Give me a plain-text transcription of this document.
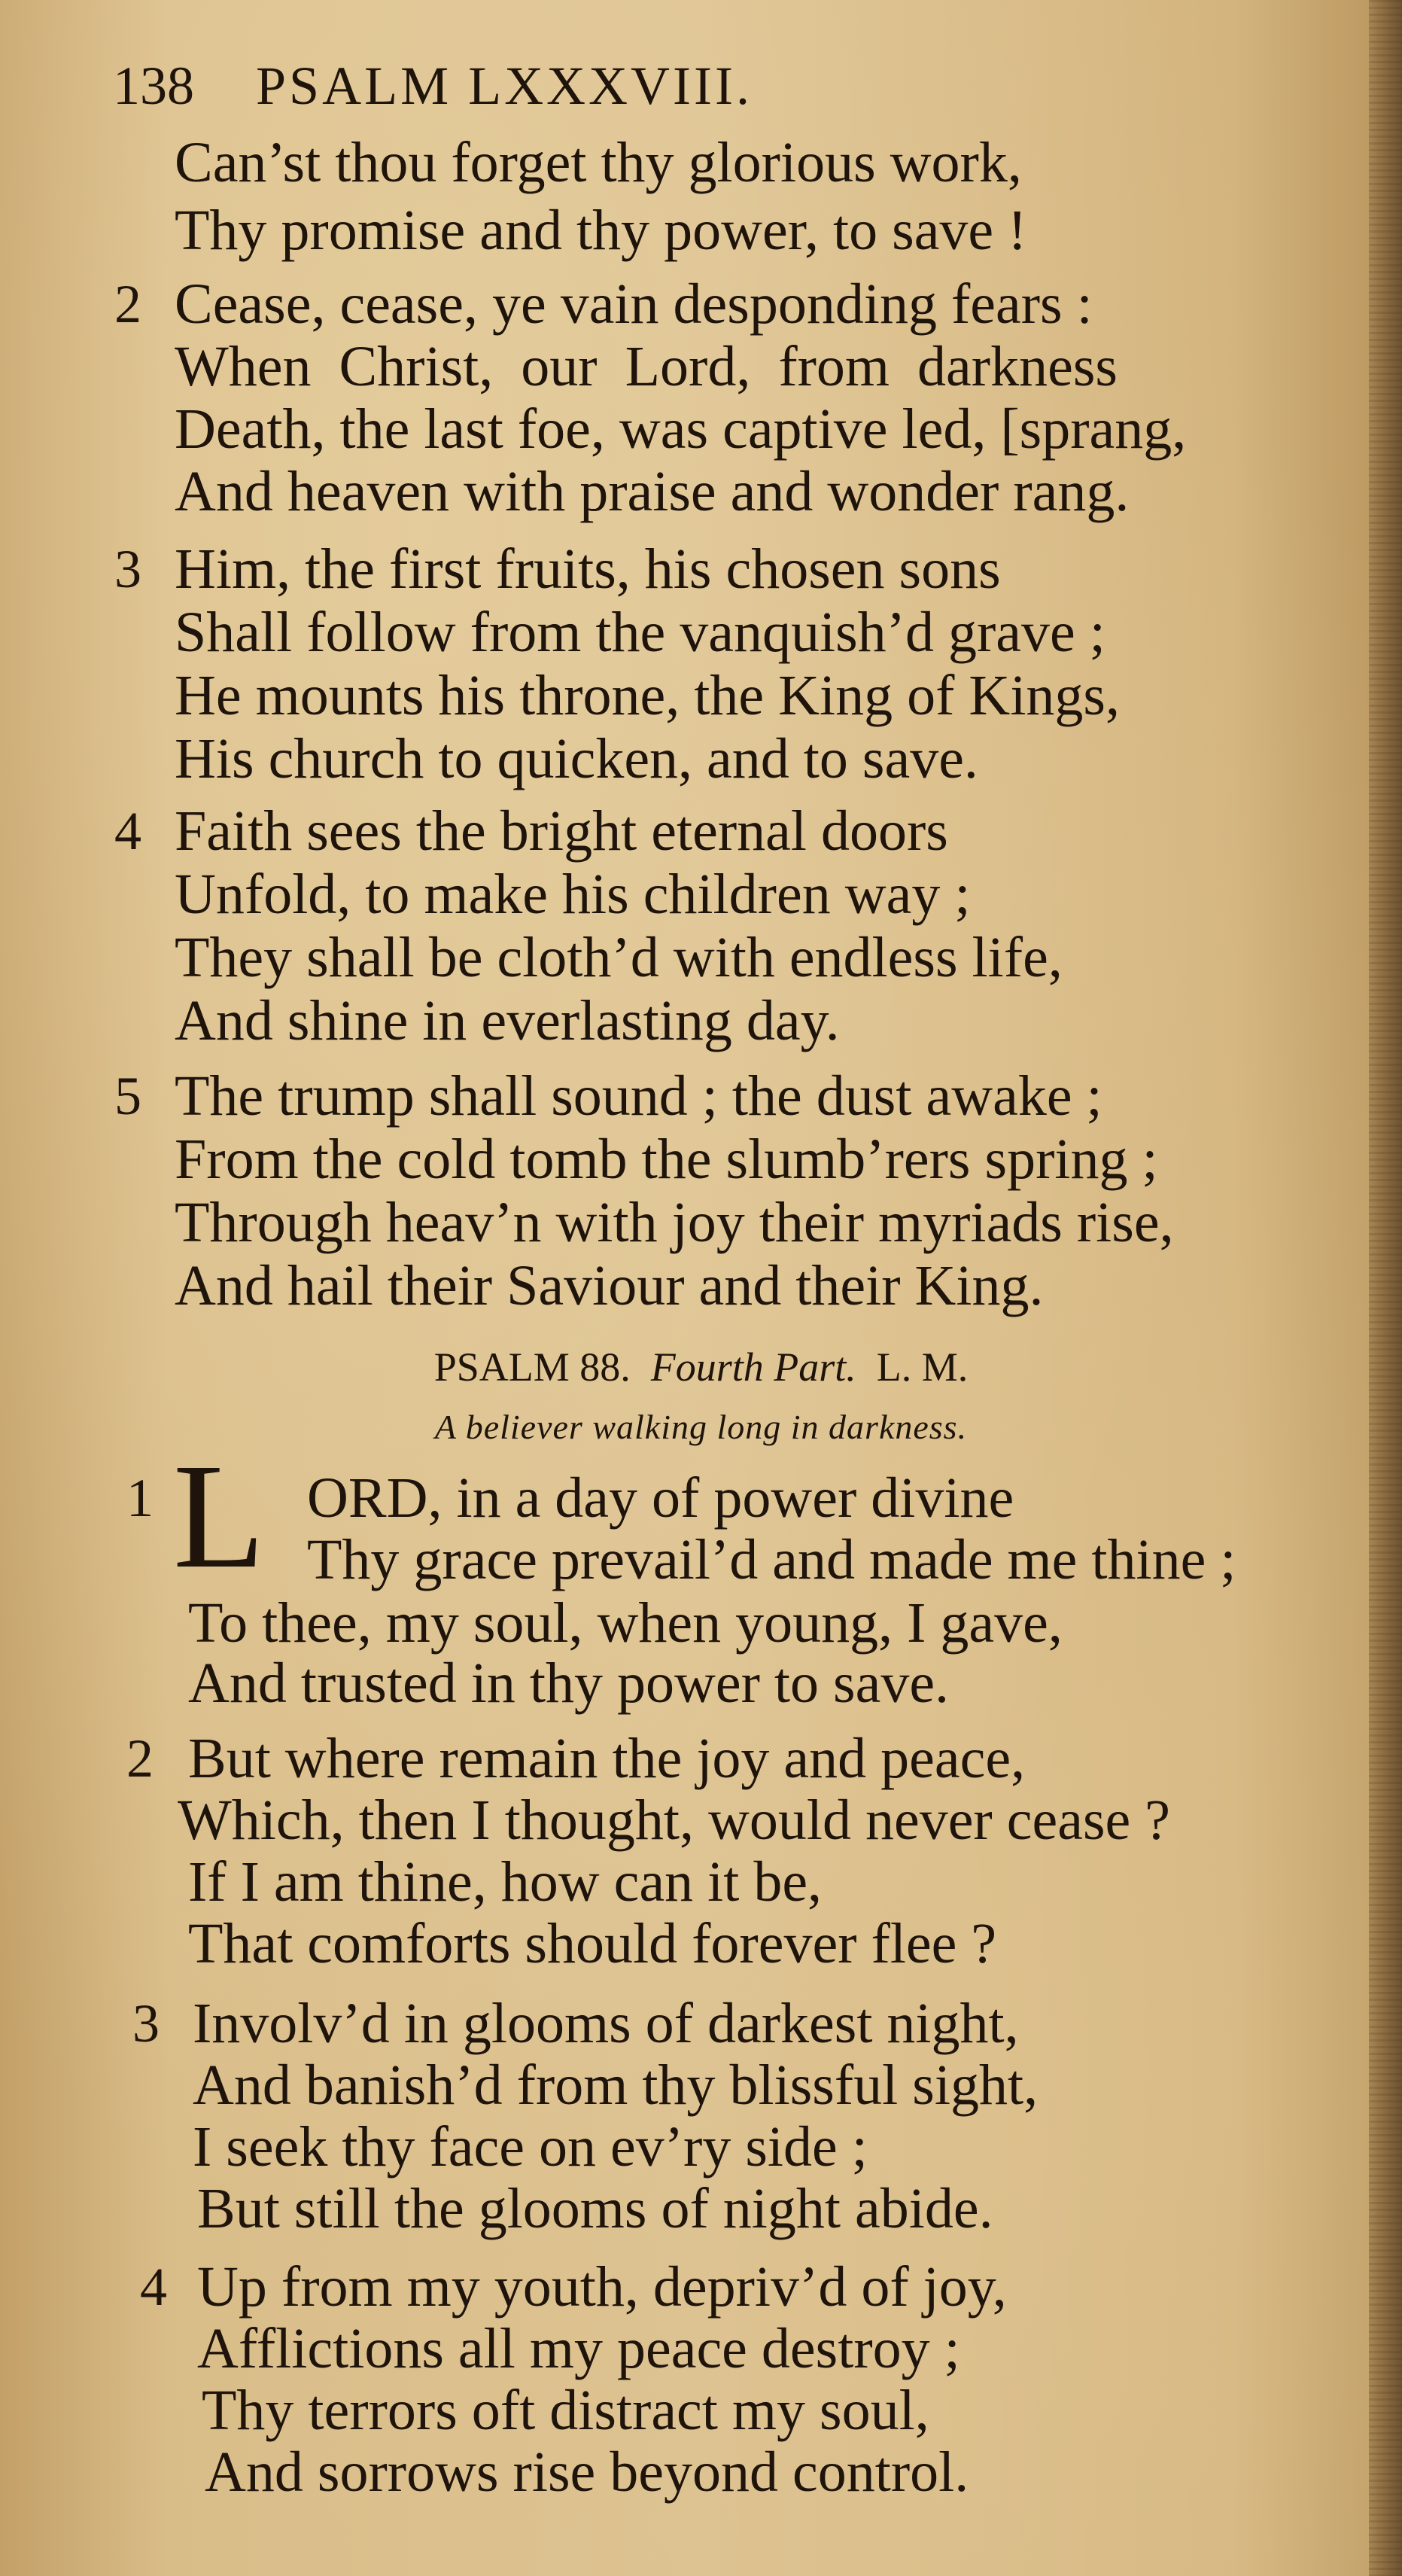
138 PSALM LXXXVIII.
Can’st thou forget thy glorious work,
Thy promise and thy power, to save !
2 Cease, cease, ye vain desponding fears :
When Christ, our Lord, from darkness
Death, the last foe, was captive led, [sprang,
And heaven with praise and wonder rang.
3 Him, the first fruits, his chosen sons
Shall follow from the vanquish’d grave ;
He mounts his throne, the King of Kings,
His church to quicken, and to save.
4 Faith sees the bright eternal doors
Unfold, to make his children way ;
They shall be cloth’d with endless life,
And shine in everlasting day.
5 The trump shall sound ; the dust awake ;
From the cold tomb the slumb’rers spring ;
Through heav’n with joy their myriads rise,
And hail their Saviour and their King.
PSALM 88. Fourth Part. L. M.
A believer walking long in darkness.
1 L ORD, in a day of power divine
Thy grace prevail’d and made me thine ;
To thee, my soul, when young, I gave,
And trusted in thy power to save.
2 But where remain the joy and peace,
Which, then I thought, would never cease ?
If I am thine, how can it be,
That comforts should forever flee ?
3 Involv’d in glooms of darkest night,
And banish’d from thy blissful sight,
I seek thy face on ev’ry side ;
But still the glooms of night abide.
4 Up from my youth, depriv’d of joy,
Afflictions all my peace destroy ;
Thy terrors oft distract my soul,
And sorrows rise beyond control.
